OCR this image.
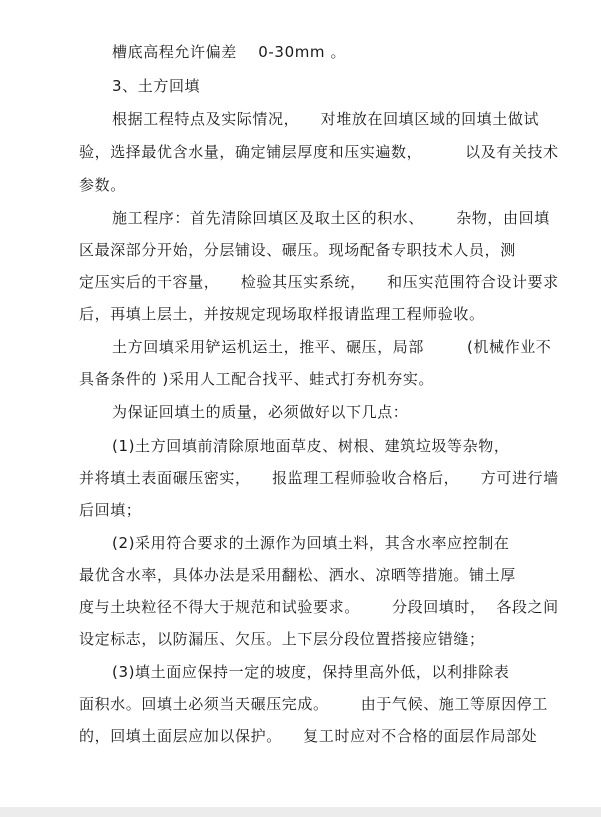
槽底高程允许偏差    0-30mm 。
3、土方回填
根据工程特点及实际情况，    对堆放在回填区域的回填土做试
验，选择最优含水量，确定铺层厚度和压实遍数，        以及有关技术
参数。
施工程序：首先清除回填区及取土区的积水、      杂物，由回填
区最深部分开始，分层铺设、碾压。现场配备专职技术人员，测
定压实后的干容量，    检验其压实系统，    和压实范围符合设计要求
后，再填上层土，并按规定现场取样报请监理工程师验收。
土方回填采用铲运机运土，推平、碾压，局部        (机械作业不
具备条件的 )采用人工配合找平、蛙式打夯机夯实。
为保证回填土的质量，必须做好以下几点：
(1)土方回填前清除原地面草皮、树根、建筑垃圾等杂物，
并将填土表面碾压密实，    报监理工程师验收合格后，    方可进行墙
后回填；
(2)采用符合要求的土源作为回填土料，其含水率应控制在
最优含水率，具体办法是采用翻松、洒水、凉晒等措施。铺土厚
度与土块粒径不得大于规范和试验要求。      分段回填时，  各段之间
设定标志，以防漏压、欠压。上下层分段位置搭接应错缝；
(3)填土面应保持一定的坡度，保持里高外低，以利排除表
面积水。回填土必须当天碾压完成。      由于气候、施工等原因停工
的，回填土面层应加以保护。    复工时应对不合格的面层作局部处
